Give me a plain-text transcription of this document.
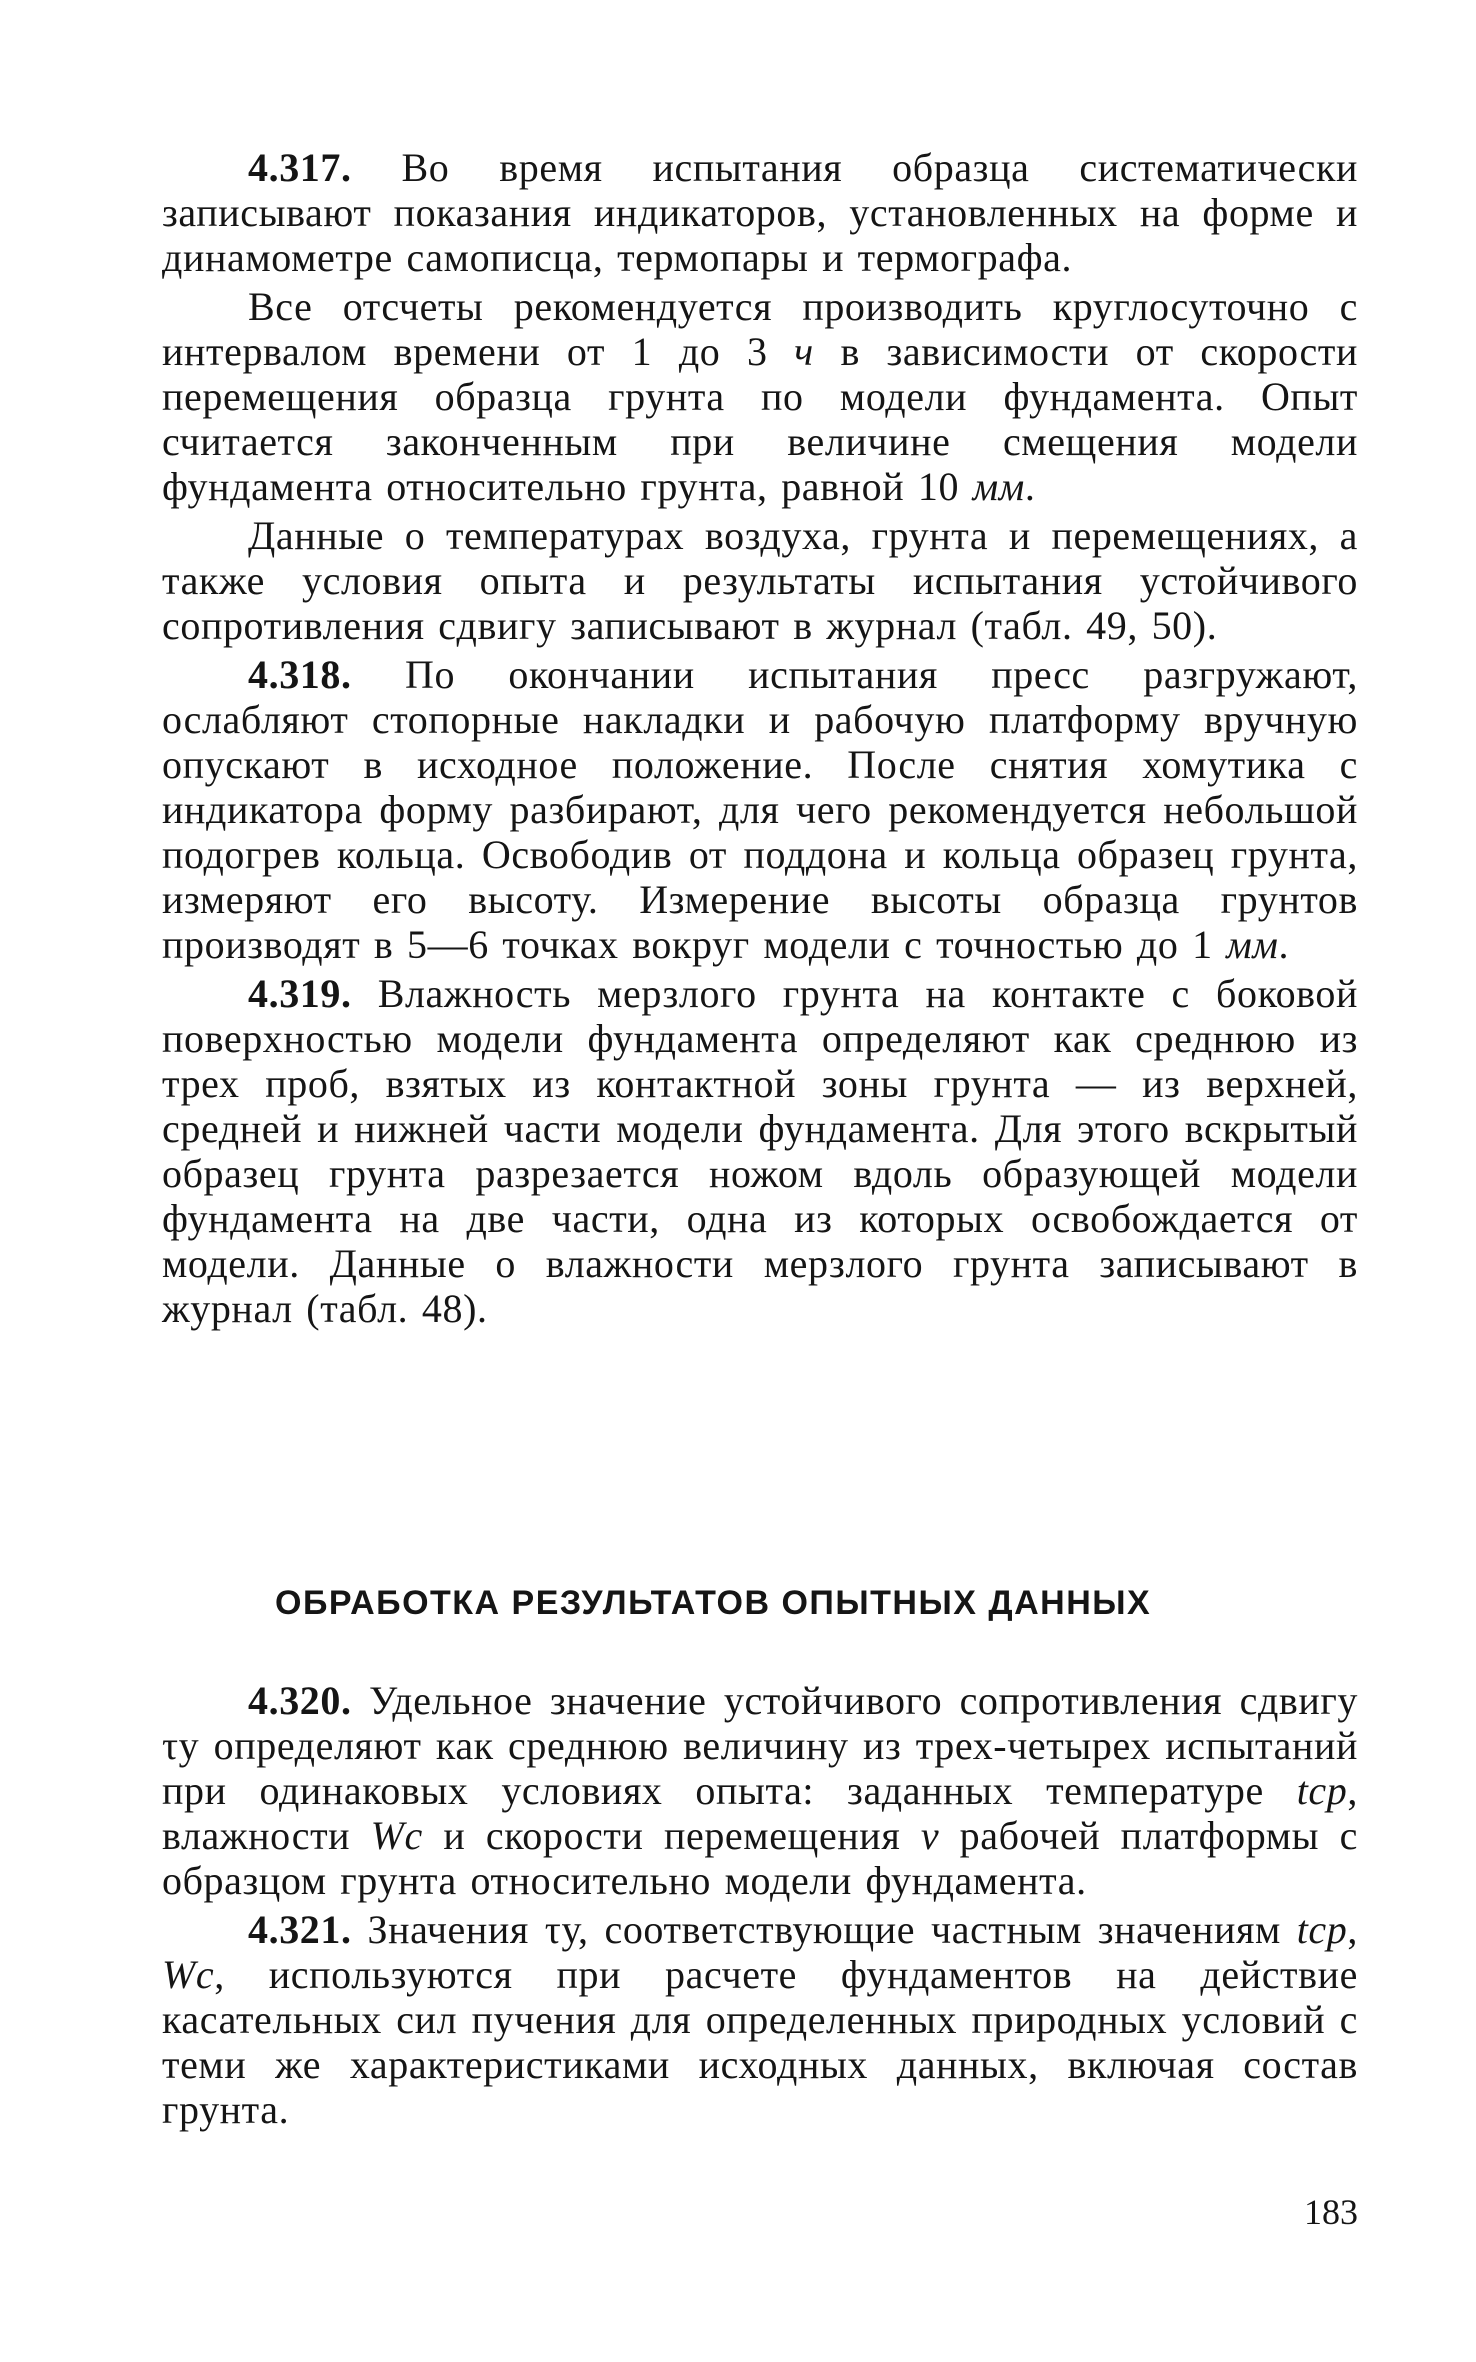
4.317. Во время испытания образца систематически записывают показания индикаторов, установленных на форме и динамометре самописца, термопары и термографа.

Все отсчеты рекомендуется производить круглосуточно с интервалом времени от 1 до 3 ч в зависимости от скорости перемещения образца грунта по модели фундамента. Опыт считается законченным при величине смещения модели фундамента относительно грунта, равной 10 мм.

Данные о температурах воздуха, грунта и перемещениях, а также условия опыта и результаты испытания устойчивого сопротивления сдвигу записывают в журнал (табл. 49, 50).

4.318. По окончании испытания пресс разгружают, ослабляют стопорные накладки и рабочую платформу вручную опускают в исходное положение. После снятия хомутика с индикатора форму разбирают, для чего рекомендуется небольшой подогрев кольца. Освободив от поддона и кольца образец грунта, измеряют его высоту. Измерение высоты образца грунтов производят в 5—6 точках вокруг модели с точностью до 1 мм.

4.319. Влажность мерзлого грунта на контакте с боковой поверхностью модели фундамента определяют как среднюю из трех проб, взятых из контактной зоны грунта — из верхней, средней и нижней части модели фундамента. Для этого вскрытый образец грунта разрезается ножом вдоль образующей модели фундамента на две части, одна из которых освобождается от модели. Данные о влажности мерзлого грунта записывают в журнал (табл. 48).

ОБРАБОТКА РЕЗУЛЬТАТОВ ОПЫТНЫХ ДАННЫХ

4.320. Удельное значение устойчивого сопротивления сдвигу τу определяют как среднюю величину из трех-четырех испытаний при одинаковых условиях опыта: заданных температуре tср, влажности Wс и скорости перемещения v рабочей платформы с образцом грунта относительно модели фундамента.

4.321. Значения τу, соответствующие частным значениям tср, Wс, используются при расчете фундаментов на действие касательных сил пучения для определенных природных условий с теми же характеристиками исходных данных, включая состав грунта.

183
